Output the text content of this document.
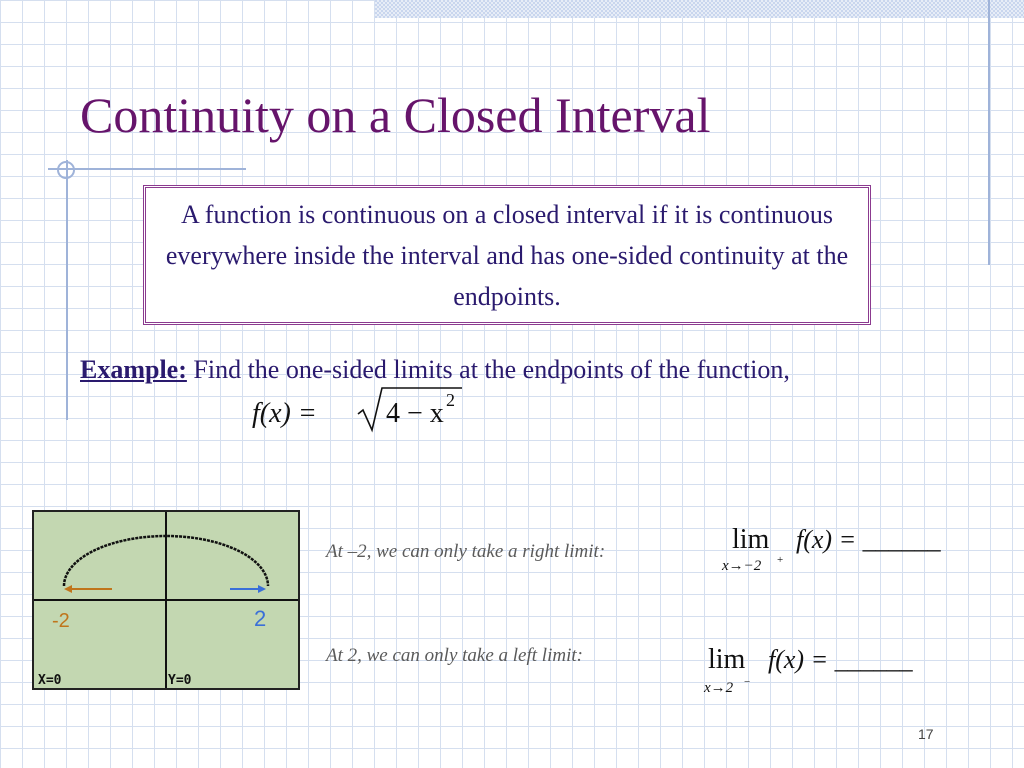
Continuity on a Closed Interval
A function is continuous on a closed interval if it is continuous everywhere inside the interval and has one-sided continuity at the endpoints.
Example: Find the one-sided limits at the endpoints of the function,
f(x) = 4 − x 2
X=0	Y=0
-2	2
At –2, we can only take a right limit:	lim
x→−2 +
f(x) = ______
At 2, we can only take a left limit:	lim
x→2 −
f(x) = ______
17
